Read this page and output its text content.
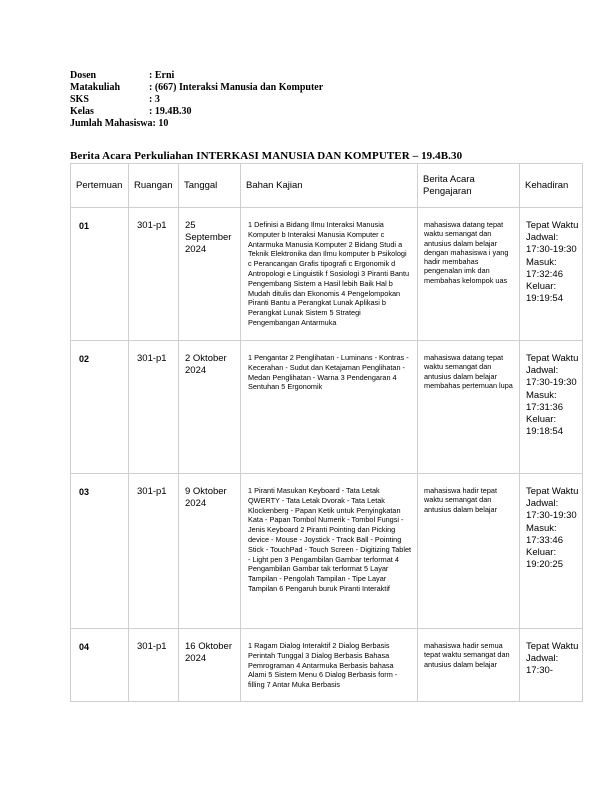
Dosen	: Erni
Matakuliah	: (667) Interaksi Manusia dan Komputer
SKS	: 3
Kelas	: 19.4B.30
Jumlah Mahasiswa : 10
Berita Acara Perkuliahan INTERKASI MANUSIA DAN KOMPUTER – 19.4B.30
Pertemuan	Ruangan	Tanggal	Bahan Kajian	Berita Acara Pengajaran	Kehadiran

01	301-p1	25 September 2024	1 Definisi a Bidang Ilmu Interaksi Manusia Komputer b Interaksi Manusia Komputer c Antarmuka Manusia Komputer 2 Bidang Studi a Teknik Elektronika dan Ilmu komputer b Psikologi c Perancangan Grafis tipografi c Ergonomik d Antropologi e Linguistik f Sosiologi 3 Piranti Bantu Pengembang Sistem a Hasil lebih Baik Hal b Mudah ditulis dan Ekonomis 4 Pengelompokan Piranti Bantu a Perangkat Lunak Aplikasi b Perangkat Lunak Sistem 5 Strategi Pengembangan Antarmuka	mahasiswa datang tepat waktu semangat dan antusius dalam belajar dengan mahasiswa i yang hadir membahas pengenalan imk dan membahas kelompok uas	Tepat Waktu Jadwal: 17:30-19:30 Masuk: 17:32:46 Keluar: 19:19:54

02	301-p1	2 Oktober 2024	1 Pengantar 2 Penglihatan - Luminans - Kontras - Kecerahan - Sudut dan Ketajaman Penglihatan - Medan Penglihatan - Warna 3 Pendengaran 4 Sentuhan 5 Ergonomik	mahasiswa datang tepat waktu semangat dan antusius dalam belajar membahas pertemuan lupa	Tepat Waktu Jadwal: 17:30-19:30 Masuk: 17:31:36 Keluar: 19:18:54

03	301-p1	9 Oktober 2024	1 Piranti Masukan Keyboard - Tata Letak QWERTY - Tata Letak Dvorak - Tata Letak Klockenberg - Papan Ketik untuk Penyingkatan Kata - Papan Tombol Numerik - Tombol Fungsi - Jenis Keyboard 2 Piranti Pointing dan Picking device - Mouse - Joystick - Track Ball - Pointing Stick - TouchPad - Touch Screen - Digitizing Tablet - Light pen 3 Pengambilan Gambar terformat 4 Pengambilan Gambar tak terformat 5 Layar Tampilan - Pengolah Tampilan - Tipe Layar Tampilan 6 Pengaruh buruk Piranti Interaktif	mahasiswa hadir tepat waktu semangat dan antusius dalam belajar	Tepat Waktu Jadwal: 17:30-19:30 Masuk: 17:33:46 Keluar: 19:20:25

04	301-p1	16 Oktober 2024	1 Ragam Dialog Interaktif 2 Dialog Berbasis Perintah Tunggal 3 Dialog Berbasis Bahasa Pemrograman 4 Antarmuka Berbasis bahasa Alami 5 Sistem Menu 6 Dialog Berbasis form - filling 7 Antar Muka Berbasis	mahasiswa hadir semua tepat waktu semangat dan antusius dalam belajar	Tepat Waktu Jadwal: 17:30-
